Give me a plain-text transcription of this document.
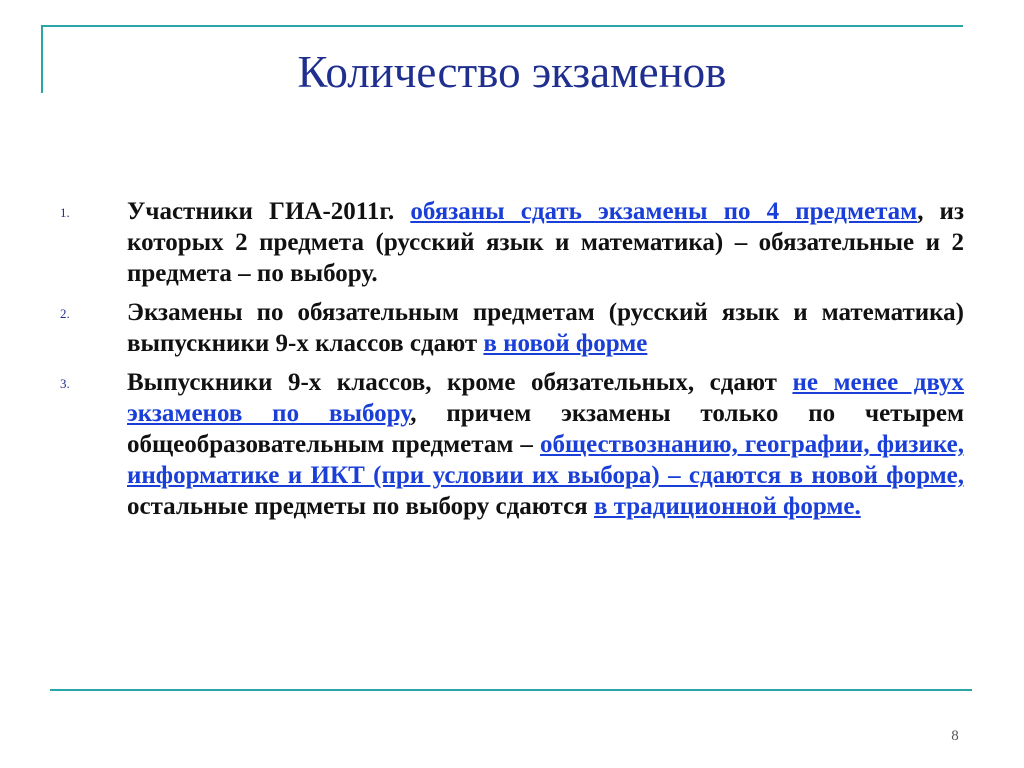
Количество экзаменов
1.	Участники ГИА-2011г. обязаны сдать экзамены по 4 предметам, из которых 2 предмета (русский язык и математика) – обязательные и 2 предмета – по выбору.
2.	Экзамены по обязательным предметам (русский язык и математика) выпускники 9-х классов сдают в новой форме
3.	Выпускники 9-х классов, кроме обязательных, сдают не менее двух экзаменов по выбору, причем экзамены только по четырем общеобразовательным предметам – обществознанию, географии, физике, информатике и ИКТ (при условии их выбора) – сдаются в новой форме, остальные предметы по выбору сдаются в традиционной форме.
8
